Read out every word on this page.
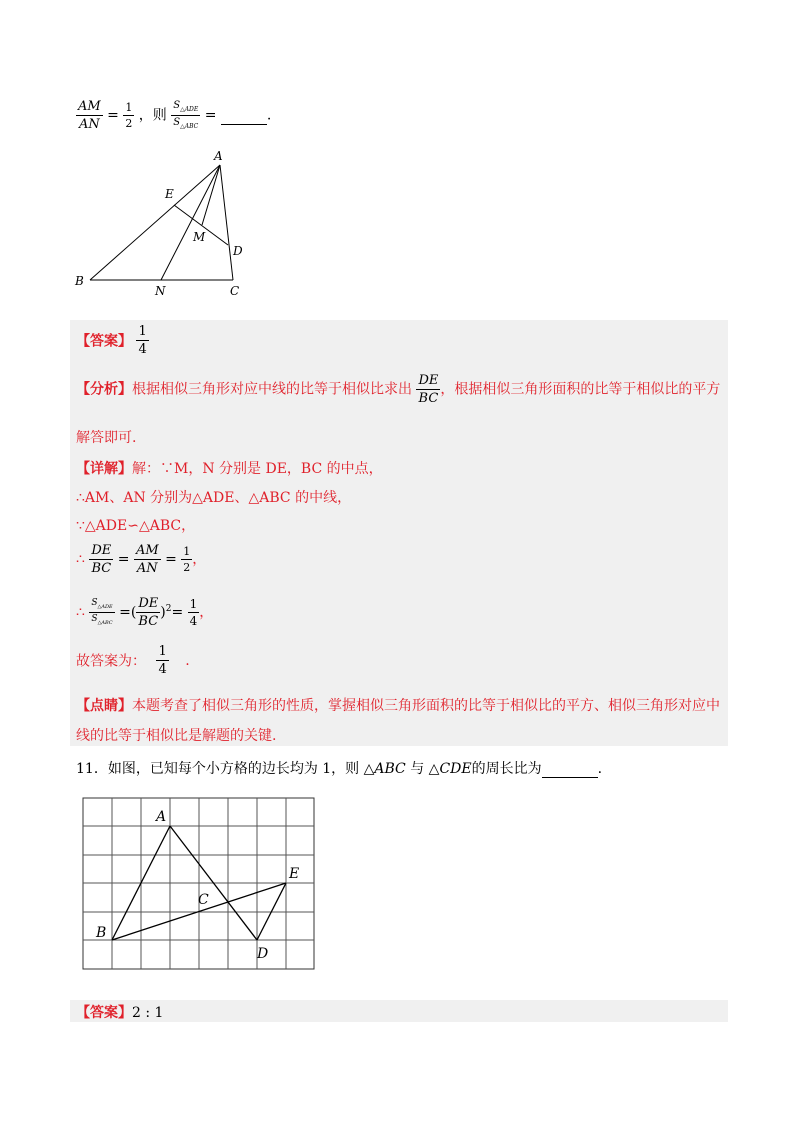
$\frac{AM}{AN} = \frac{1}{2}$ ，则 $\frac{S_{\triangle ADE}}{S_{\triangle ABC}}$ =	.
A
E
M
D
B
N	C
【答案】 $\frac{1}{4}$
【分析】根据相似三角形对应中线的比等于相似比求出 $\frac{DE}{BC}$ ，根据相似三角形面积的比等于相似比的平方
解答即可.
【详解】解：∵M，N 分别是 DE，BC 的中点，
∴AM、AN 分别为△ADE、△ABC 的中线，
∵△ADE∽△ABC，
∴ $\frac{DE}{BC} = \frac{AM}{AN} = \frac{1}{2}$ ，
∴ $\frac{S_{\triangle ADE}}{S_{\triangle ABC}}$ =( $\frac{DE}{BC} )^2= \frac{1}{4}$ ，
故答案为： $\frac{1}{4}$ .
【点睛】本题考查了相似三角形的性质，掌握相似三角形面积的比等于相似比的平方、相似三角形对应中
线的比等于相似比是解题的关键.
11．如图，已知每个小方格的边长均为 1，则 △ABC 与 △CDE的周长比为	.
A
B
C
D
E
【答案】2 : 1
